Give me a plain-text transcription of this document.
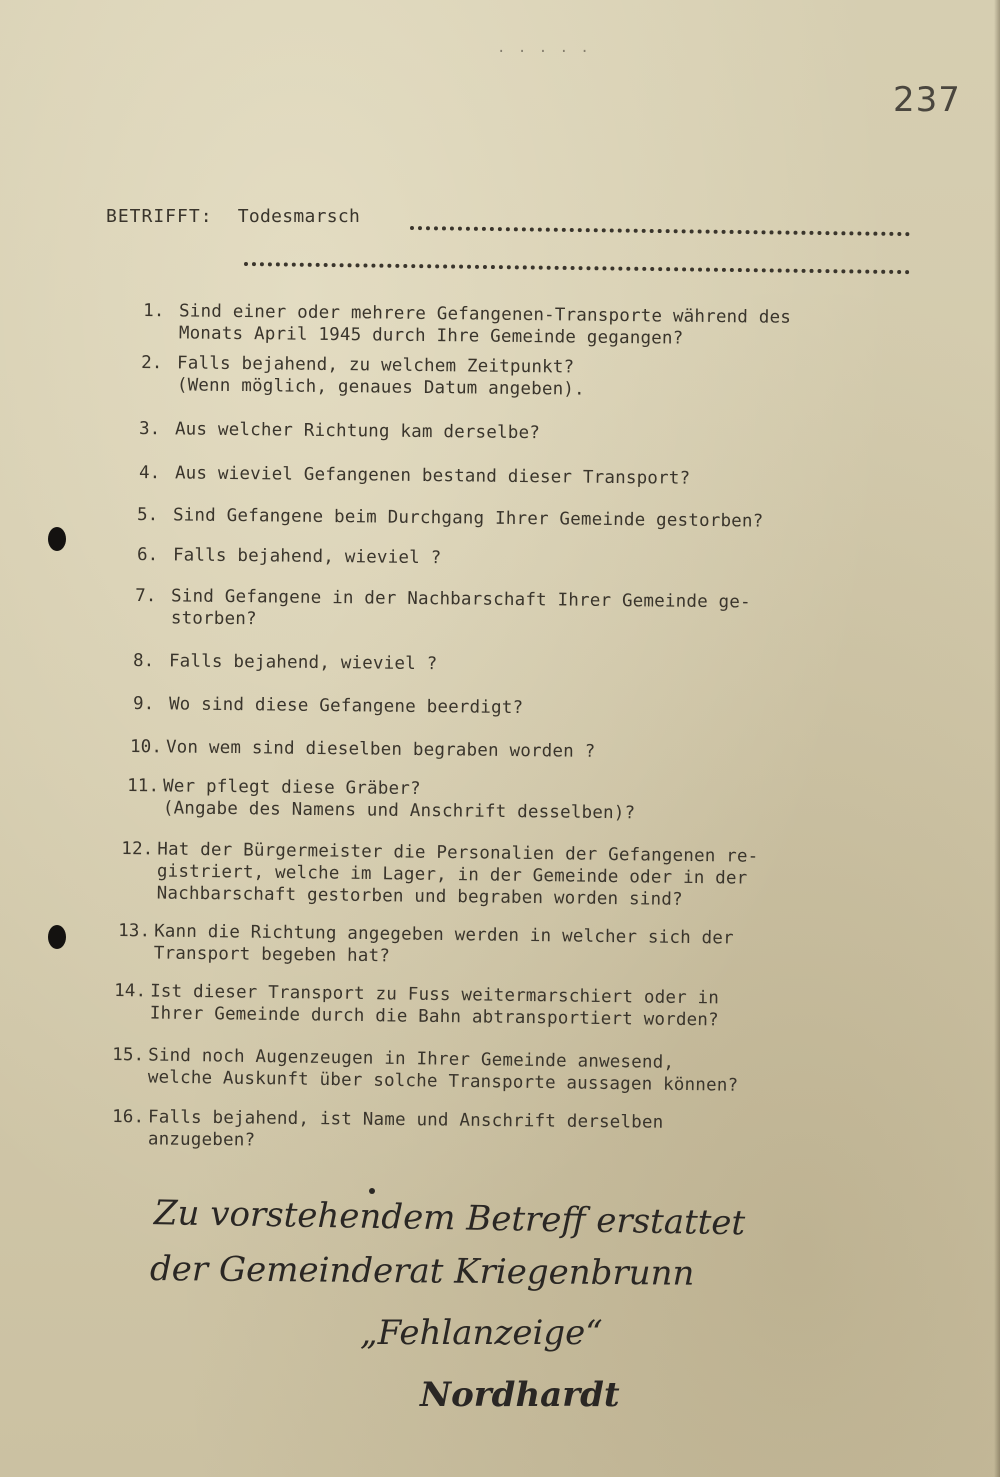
· · · · ·
237
BETRIFFT: Todesmarsch
1. Sind einer oder mehrere Gefangenen-Transporte während des
Monats April 1945 durch Ihre Gemeinde gegangen?
2. Falls bejahend, zu welchem Zeitpunkt?
(Wenn möglich, genaues Datum angeben).
3. Aus welcher Richtung kam derselbe?
4. Aus wieviel Gefangenen bestand dieser Transport?
5. Sind Gefangene beim Durchgang Ihrer Gemeinde gestorben?
6. Falls bejahend, wieviel ?
7. Sind Gefangene in der Nachbarschaft Ihrer Gemeinde ge-
storben?
8. Falls bejahend, wieviel ?
9. Wo sind diese Gefangene beerdigt?
10. Von wem sind dieselben begraben worden ?
11. Wer pflegt diese Gräber?
(Angabe des Namens und Anschrift desselben)?
12. Hat der Bürgermeister die Personalien der Gefangenen re-
gistriert, welche im Lager, in der Gemeinde oder in der
Nachbarschaft gestorben und begraben worden sind?
13. Kann die Richtung angegeben werden in welcher sich der
Transport begeben hat?
14. Ist dieser Transport zu Fuss weitermarschiert oder in
Ihrer Gemeinde durch die Bahn abtransportiert worden?
15. Sind noch Augenzeugen in Ihrer Gemeinde anwesend,
welche Auskunft über solche Transporte aussagen können?
16. Falls bejahend, ist Name und Anschrift derselben
anzugeben?
Zu vorstehendem Betreff erstattet
der Gemeinderat Kriegenbrunn
„Fehlanzeige“
Nordhardt
